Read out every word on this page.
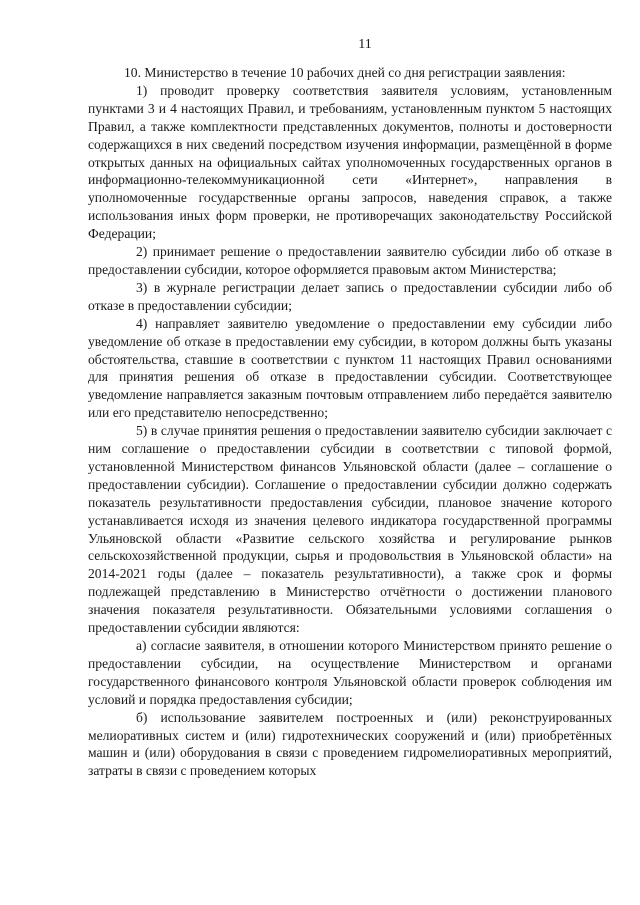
11

10. Министерство в течение 10 рабочих дней со дня регистрации заявления:

1) проводит проверку соответствия заявителя условиям, установленным пунктами 3 и 4 настоящих Правил, и требованиям, установленным пунктом 5 настоящих Правил, а также комплектности представленных документов, полноты и достоверности содержащихся в них сведений посредством изучения информации, размещённой в форме открытых данных на официальных сайтах уполномоченных государственных органов в информационно-телекоммуникационной сети «Интернет», направления в уполномоченные государственные органы запросов, наведения справок, а также использования иных форм проверки, не противоречащих законодательству Российской Федерации;

2) принимает решение о предоставлении заявителю субсидии либо об отказе в предоставлении субсидии, которое оформляется правовым актом Министерства;

3) в журнале регистрации делает запись о предоставлении субсидии либо об отказе в предоставлении субсидии;

4) направляет заявителю уведомление о предоставлении ему субсидии либо уведомление об отказе в предоставлении ему субсидии, в котором должны быть указаны обстоятельства, ставшие в соответствии с пунктом 11 настоящих Правил основаниями для принятия решения об отказе в предоставлении субсидии. Соответствующее уведомление направляется заказным почтовым отправлением либо передаётся заявителю или его представителю непосредственно;

5) в случае принятия решения о предоставлении заявителю субсидии заключает с ним соглашение о предоставлении субсидии в соответствии с типовой формой, установленной Министерством финансов Ульяновской области (далее – соглашение о предоставлении субсидии). Соглашение о предоставлении субсидии должно содержать показатель результативности предоставления субсидии, плановое значение которого устанавливается исходя из значения целевого индикатора государственной программы Ульяновской области «Развитие сельского хозяйства и регулирование рынков сельскохозяйственной продукции, сырья и продовольствия в Ульяновской области» на 2014-2021 годы (далее – показатель результативности), а также срок и формы подлежащей представлению в Министерство отчётности о достижении планового значения показателя результативности. Обязательными условиями соглашения о предоставлении субсидии являются:

а) согласие заявителя, в отношении которого Министерством принято решение о предоставлении субсидии, на осуществление Министерством и органами государственного финансового контроля Ульяновской области проверок соблюдения им условий и порядка предоставления субсидии;

б) использование заявителем построенных и (или) реконструированных мелиоративных систем и (или) гидротехнических сооружений и (или) приобретённых машин и (или) оборудования в связи с проведением гидромелиоративных мероприятий, затраты в связи с проведением которых
